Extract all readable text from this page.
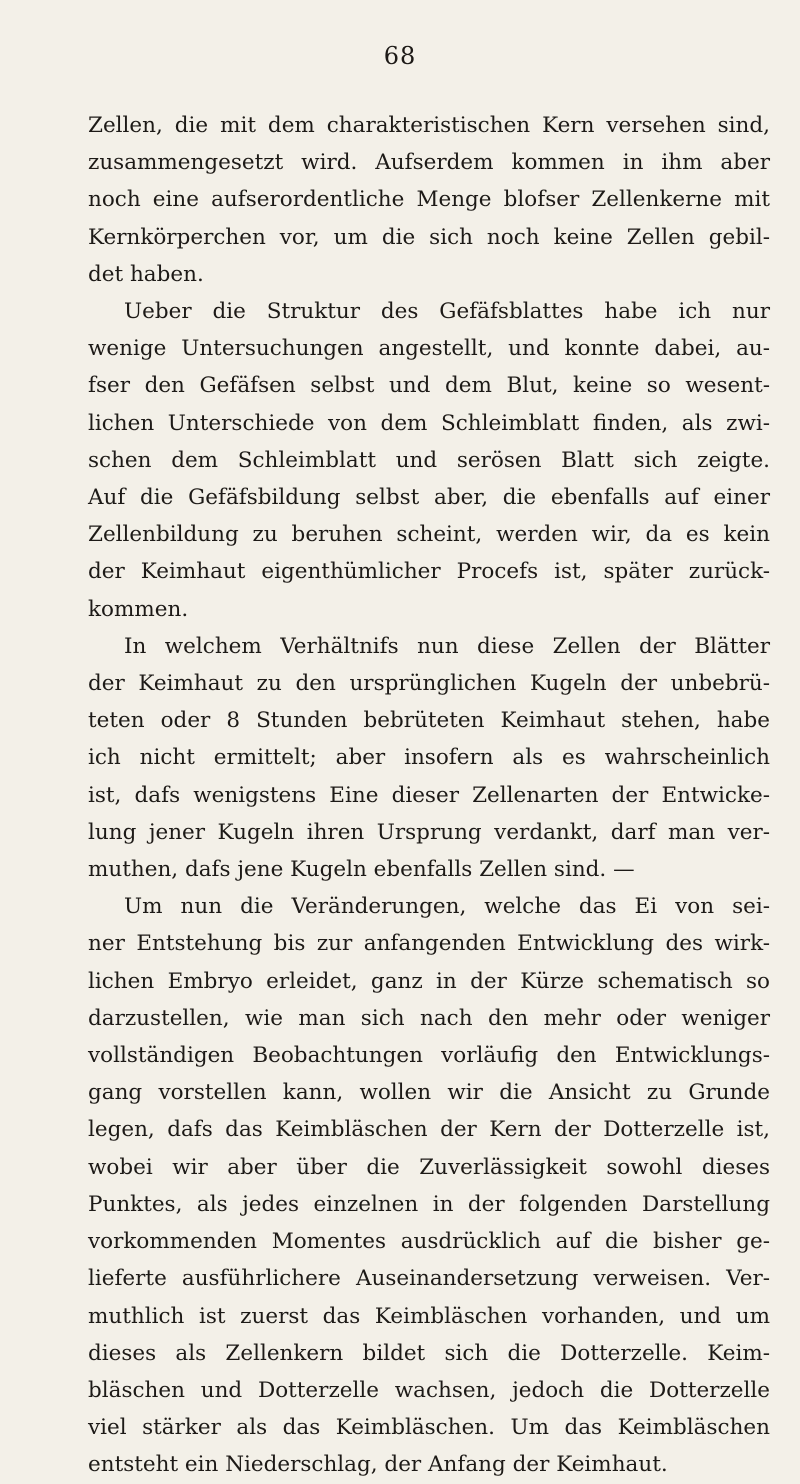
68
Zellen, die mit dem charakteristischen Kern versehen sind,
zusammengesetzt wird. Aufserdem kommen in ihm aber
noch eine aufserordentliche Menge blofser Zellenkerne mit
Kernkörperchen vor, um die sich noch keine Zellen gebil-
det haben.
Ueber die Struktur des Gefäfsblattes habe ich nur
wenige Untersuchungen angestellt, und konnte dabei, au-
fser den Gefäfsen selbst und dem Blut, keine so wesent-
lichen Unterschiede von dem Schleimblatt finden, als zwi-
schen dem Schleimblatt und serösen Blatt sich zeigte.
Auf die Gefäfsbildung selbst aber, die ebenfalls auf einer
Zellenbildung zu beruhen scheint, werden wir, da es kein
der Keimhaut eigenthümlicher Procefs ist, später zurück-
kommen.
In welchem Verhältnifs nun diese Zellen der Blätter
der Keimhaut zu den ursprünglichen Kugeln der unbebrü-
teten oder 8 Stunden bebrüteten Keimhaut stehen, habe
ich nicht ermittelt; aber insofern als es wahrscheinlich
ist, dafs wenigstens Eine dieser Zellenarten der Entwicke-
lung jener Kugeln ihren Ursprung verdankt, darf man ver-
muthen, dafs jene Kugeln ebenfalls Zellen sind. —
Um nun die Veränderungen, welche das Ei von sei-
ner Entstehung bis zur anfangenden Entwicklung des wirk-
lichen Embryo erleidet, ganz in der Kürze schematisch so
darzustellen, wie man sich nach den mehr oder weniger
vollständigen Beobachtungen vorläufig den Entwicklungs-
gang vorstellen kann, wollen wir die Ansicht zu Grunde
legen, dafs das Keimbläschen der Kern der Dotterzelle ist,
wobei wir aber über die Zuverlässigkeit sowohl dieses
Punktes, als jedes einzelnen in der folgenden Darstellung
vorkommenden Momentes ausdrücklich auf die bisher ge-
lieferte ausführlichere Auseinandersetzung verweisen. Ver-
muthlich ist zuerst das Keimbläschen vorhanden, und um
dieses als Zellenkern bildet sich die Dotterzelle. Keim-
bläschen und Dotterzelle wachsen, jedoch die Dotterzelle
viel stärker als das Keimbläschen. Um das Keimbläschen
entsteht ein Niederschlag, der Anfang der Keimhaut.
